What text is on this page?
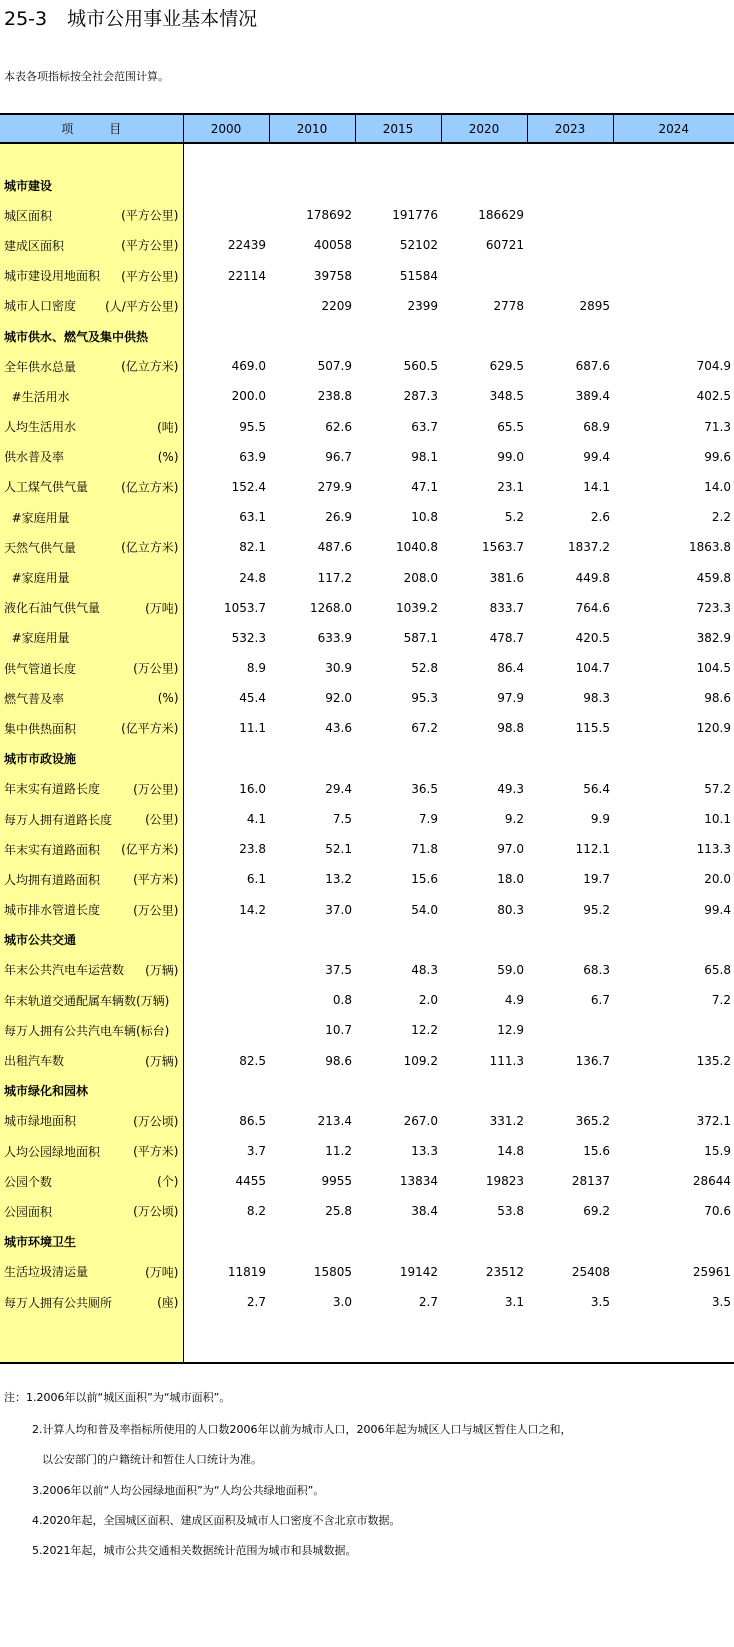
25-3 城市公用事业基本情况
本表各项指标按全社会范围计算。
项　　　目	2000	2010	2015	2020	2023	2024

城市建设						
城区面积 (平方公里)		178692	191776	186629		
建成区面积 (平方公里)	22439	40058	52102	60721		
城市建设用地面积 (平方公里)	22114	39758	51584			
城市人口密度 (人/平方公里)		2209	2399	2778	2895	
城市供水、燃气及集中供热						
全年供水总量 (亿立方米)	469.0	507.9	560.5	629.5	687.6	704.9
#生活用水	200.0	238.8	287.3	348.5	389.4	402.5
人均生活用水 (吨)	95.5	62.6	63.7	65.5	68.9	71.3
供水普及率 (%)	63.9	96.7	98.1	99.0	99.4	99.6
人工煤气供气量 (亿立方米)	152.4	279.9	47.1	23.1	14.1	14.0
#家庭用量	63.1	26.9	10.8	5.2	2.6	2.2
天然气供气量 (亿立方米)	82.1	487.6	1040.8	1563.7	1837.2	1863.8
#家庭用量	24.8	117.2	208.0	381.6	449.8	459.8
液化石油气供气量 (万吨)	1053.7	1268.0	1039.2	833.7	764.6	723.3
#家庭用量	532.3	633.9	587.1	478.7	420.5	382.9
供气管道长度 (万公里)	8.9	30.9	52.8	86.4	104.7	104.5
燃气普及率 (%)	45.4	92.0	95.3	97.9	98.3	98.6
集中供热面积 (亿平方米)	11.1	43.6	67.2	98.8	115.5	120.9
城市市政设施						
年末实有道路长度 (万公里)	16.0	29.4	36.5	49.3	56.4	57.2
每万人拥有道路长度 (公里)	4.1	7.5	7.9	9.2	9.9	10.1
年末实有道路面积 (亿平方米)	23.8	52.1	71.8	97.0	112.1	113.3
人均拥有道路面积 (平方米)	6.1	13.2	15.6	18.0	19.7	20.0
城市排水管道长度 (万公里)	14.2	37.0	54.0	80.3	95.2	99.4
城市公共交通						
年末公共汽电车运营数 (万辆)		37.5	48.3	59.0	68.3	65.8
年末轨道交通配属车辆数(万辆)		0.8	2.0	4.9	6.7	7.2
每万人拥有公共汽电车辆(标台)		10.7	12.2	12.9		
出租汽车数 (万辆)	82.5	98.6	109.2	111.3	136.7	135.2
城市绿化和园林						
城市绿地面积 (万公顷)	86.5	213.4	267.0	331.2	365.2	372.1
人均公园绿地面积 (平方米)	3.7	11.2	13.3	14.8	15.6	15.9
公园个数 (个)	4455	9955	13834	19823	28137	28644
公园面积 (万公顷)	8.2	25.8	38.4	53.8	69.2	70.6
城市环境卫生						
生活垃圾清运量 (万吨)	11819	15805	19142	23512	25408	25961
每万人拥有公共厕所 (座)	2.7	3.0	2.7	3.1	3.5	3.5

注：1.2006年以前“城区面积”为“城市面积”。
2.计算人均和普及率指标所使用的人口数2006年以前为城市人口，2006年起为城区人口与城区暂住人口之和，
以公安部门的户籍统计和暂住人口统计为准。
3.2006年以前“人均公园绿地面积”为“人均公共绿地面积”。
4.2020年起，全国城区面积、建成区面积及城市人口密度不含北京市数据。
5.2021年起，城市公共交通相关数据统计范围为城市和县城数据。
